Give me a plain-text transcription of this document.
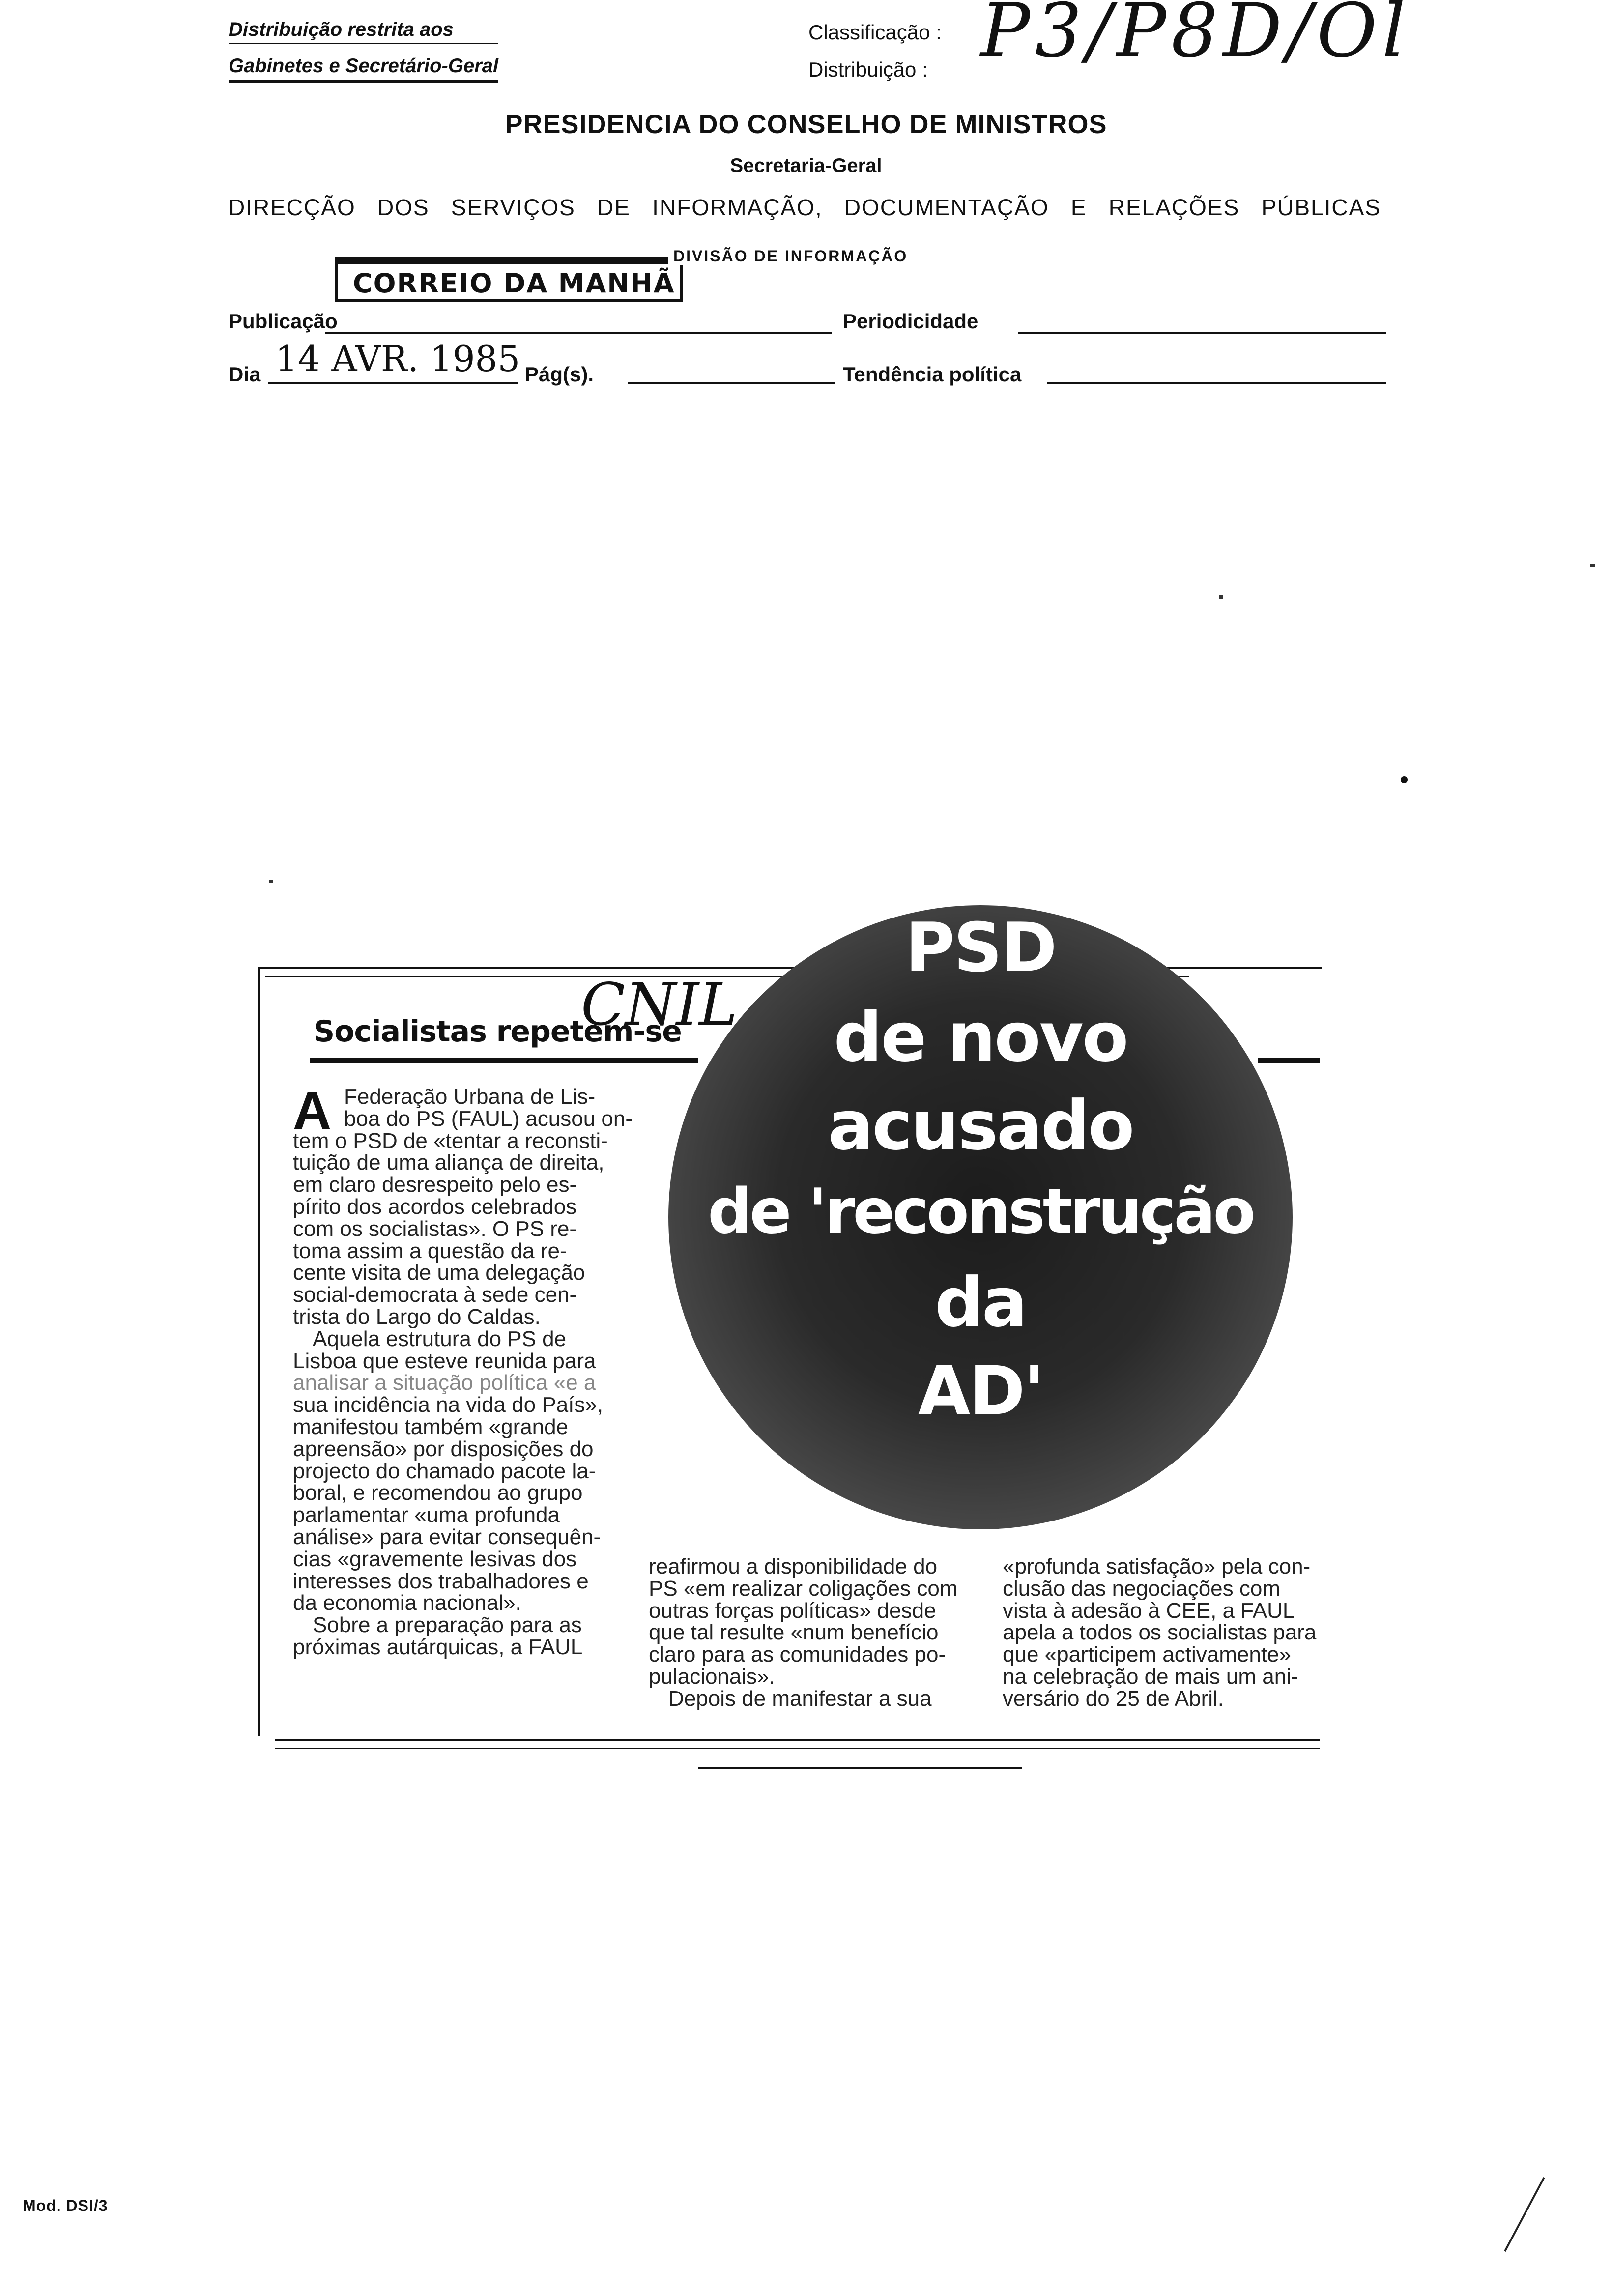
Distribuição restrita aos
Gabinetes e Secretário-Geral
Classificação : P3/P8D/Ol
Distribuição :
PRESIDENCIA DO CONSELHO DE MINISTROS
Secretaria-Geral
DIRECÇÃO DOS SERVIÇOS DE INFORMAÇÃO, DOCUMENTAÇÃO E RELAÇÕES PÚBLICAS
CORREIO DA MANHÃ
DIVISÃO DE INFORMAÇÃO
Publicação	Periodicidade
Dia 14 AVR. 1985 Pág(s).	Tendência política
Socialistas repetem-se
CNIL
PSD
de novo
acusado
de 'reconstrução
da
AD'
A Federação Urbana de Lis-
boa do PS (FAUL) acusou on-
tem o PSD de «tentar a reconsti-
tuição de uma aliança de direita,
em claro desrespeito pelo es-
pírito dos acordos celebrados
com os socialistas». O PS re-
toma assim a questão da re-
cente visita de uma delegação
social-democrata à sede cen-
trista do Largo do Caldas.
Aquela estrutura do PS de
Lisboa que esteve reunida para
analisar a situação política «e a
sua incidência na vida do País»,
manifestou também «grande
apreensão» por disposições do
projecto do chamado pacote la-
boral, e recomendou ao grupo
parlamentar «uma profunda
análise» para evitar consequên-
cias «gravemente lesivas dos
interesses dos trabalhadores e
da economia nacional».
Sobre a preparação para as
próximas autárquicas, a FAUL
reafirmou a disponibilidade do
PS «em realizar coligações com
outras forças políticas» desde
que tal resulte «num benefício
claro para as comunidades po-
pulacionais».
Depois de manifestar a sua
«profunda satisfação» pela con-
clusão das negociações com
vista à adesão à CEE, a FAUL
apela a todos os socialistas para
que «participem activamente»
na celebração de mais um ani-
versário do 25 de Abril.
Mod. DSI/3
